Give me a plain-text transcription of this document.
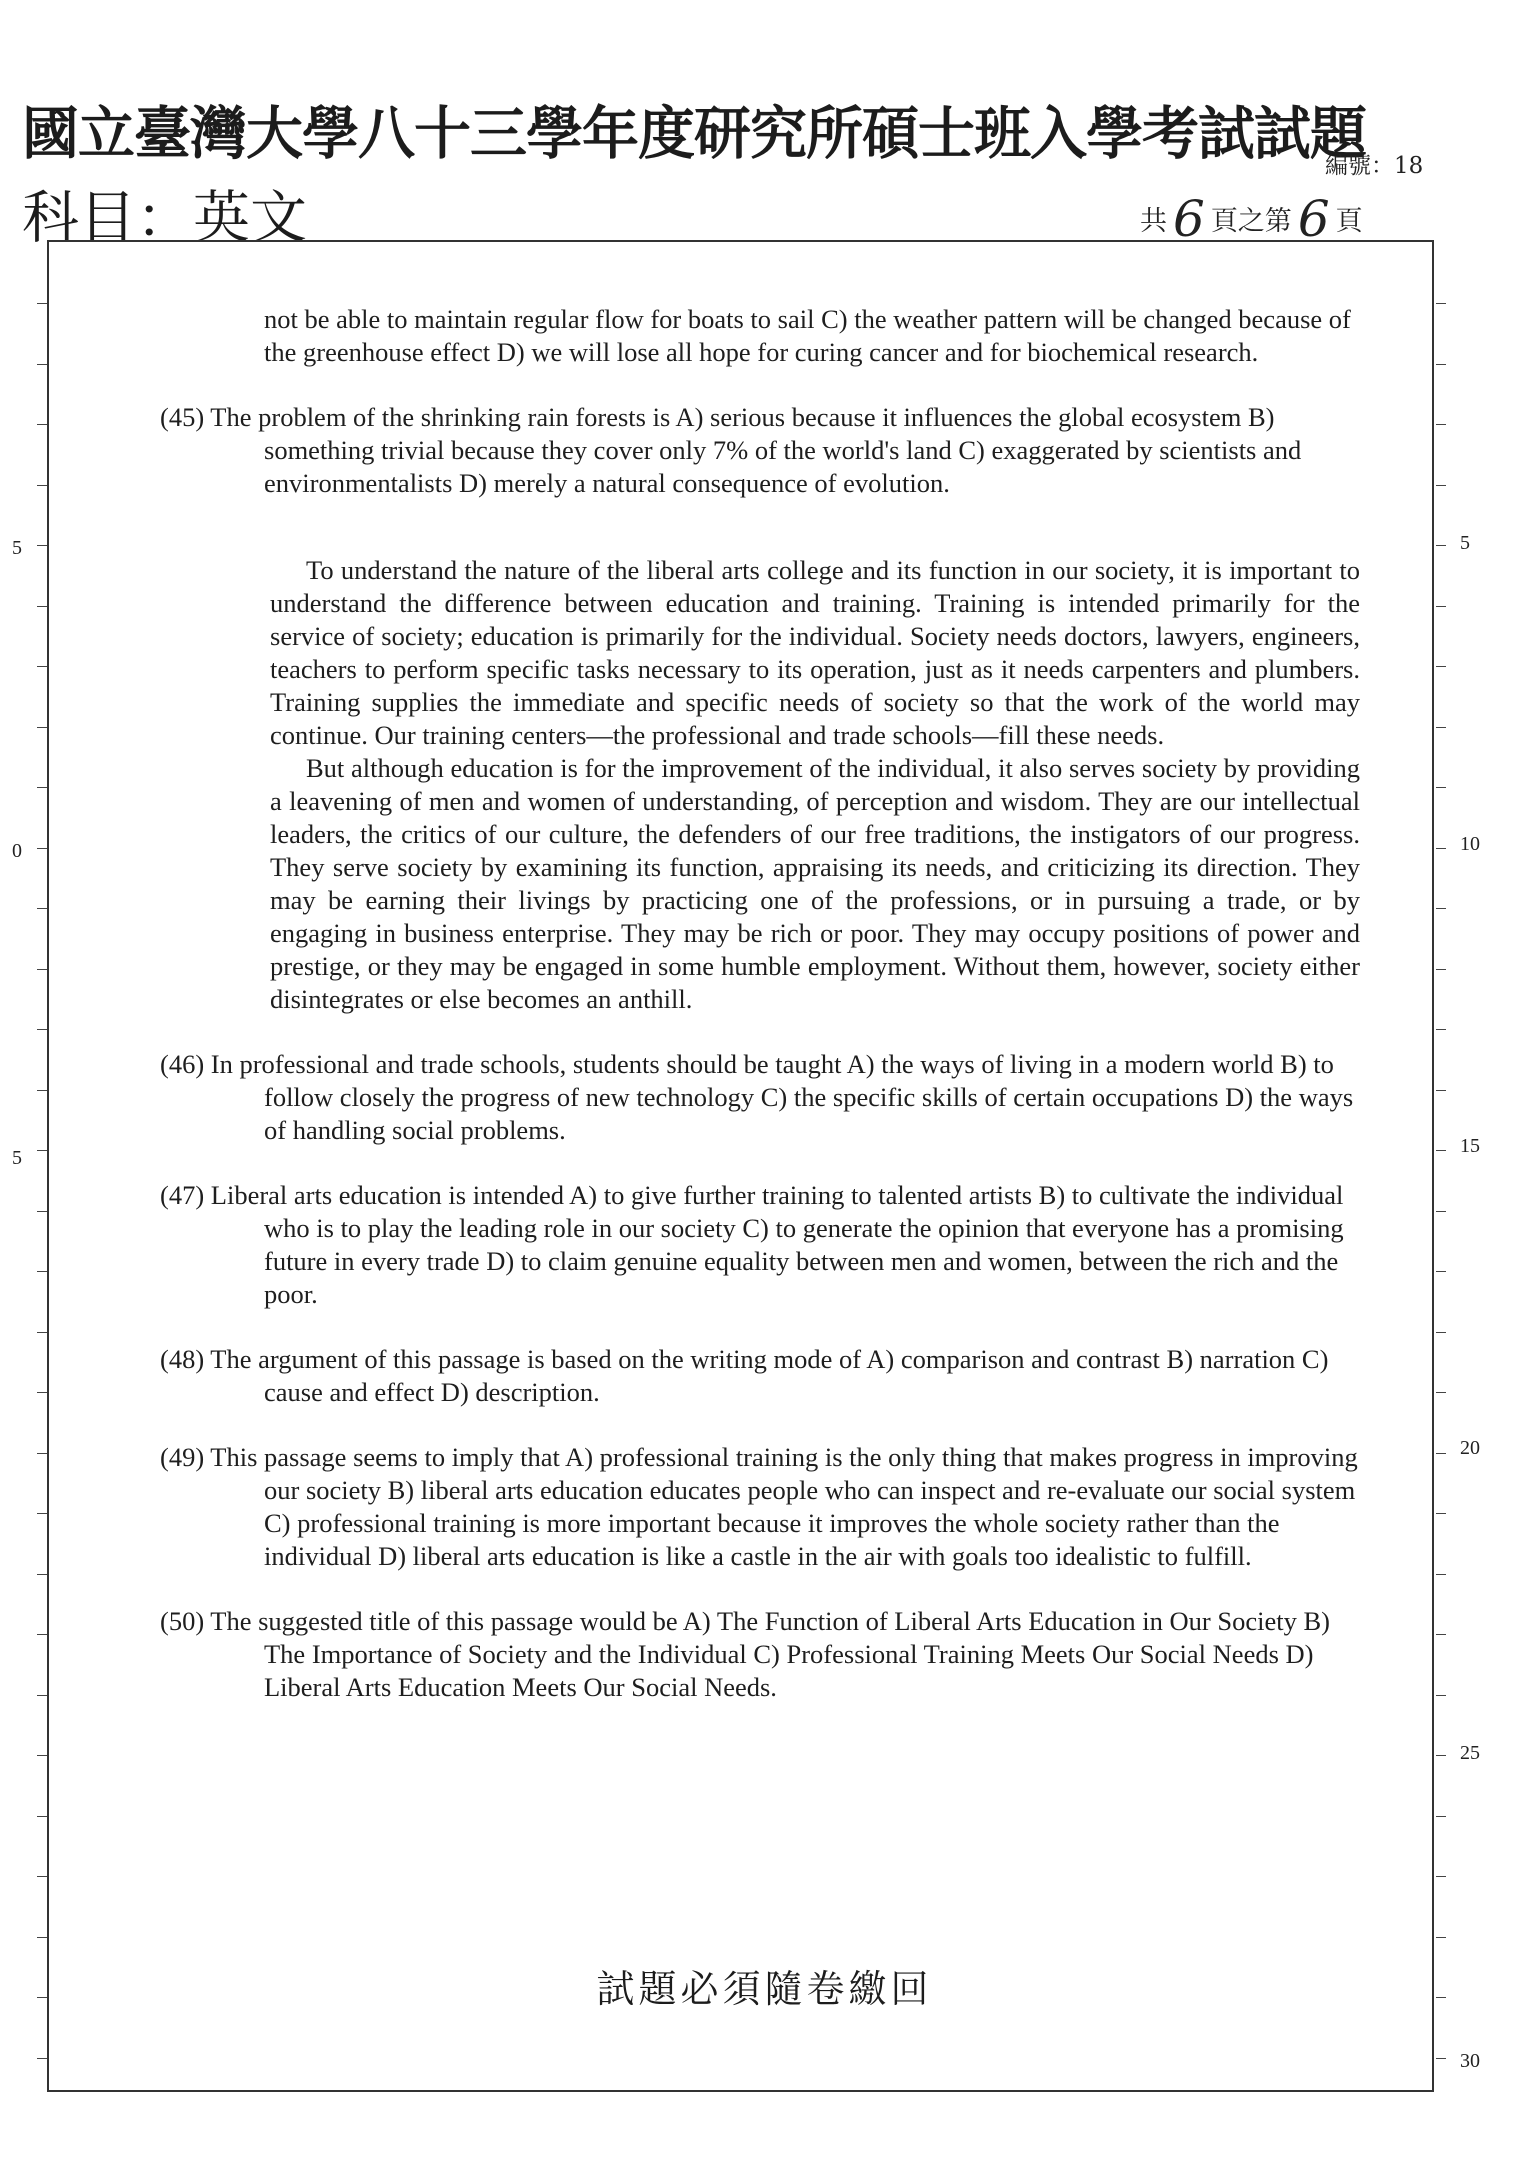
國立臺灣大學八十三學年度研究所碩士班入學考試試題
科目：英文
編號：18
共 6 頁之第 6 頁
5
0
5
5
10
15
20
25
30
not be able to maintain regular flow for boats to sail C) the weather pattern will be changed because of the greenhouse effect D) we will lose all hope for curing cancer and for biochemical research.
(45) The problem of the shrinking rain forests is A) serious because it influences the global ecosystem B) something trivial because they cover only 7% of the world's land C) exaggerated by scientists and environmentalists D) merely a natural consequence of evolution.

To understand the nature of the liberal arts college and its function in our society, it is important to understand the difference between education and training. Training is intended primarily for the service of society; education is primarily for the individual. Society needs doctors, lawyers, engineers, teachers to perform specific tasks necessary to its operation, just as it needs carpenters and plumbers. Training supplies the immediate and specific needs of society so that the work of the world may continue. Our training centers—the professional and trade schools—fill these needs.

But although education is for the improvement of the individual, it also serves society by providing a leavening of men and women of understanding, of perception and wisdom. They are our intellectual leaders, the critics of our culture, the defenders of our free traditions, the instigators of our progress. They serve society by examining its function, appraising its needs, and criticizing its direction. They may be earning their livings by practicing one of the professions, or in pursuing a trade, or by engaging in business enterprise. They may be rich or poor. They may occupy positions of power and prestige, or they may be engaged in some humble employment. Without them, however, society either disintegrates or else becomes an anthill.

(46) In professional and trade schools, students should be taught A) the ways of living in a modern world B) to follow closely the progress of new technology C) the specific skills of certain occupations D) the ways of handling social problems.
(47) Liberal arts education is intended A) to give further training to talented artists B) to cultivate the individual who is to play the leading role in our society C) to generate the opinion that everyone has a promising future in every trade D) to claim genuine equality between men and women, between the rich and the poor.
(48) The argument of this passage is based on the writing mode of A) comparison and contrast B) narration C) cause and effect D) description.
(49) This passage seems to imply that A) professional training is the only thing that makes progress in improving our society B) liberal arts education educates people who can inspect and re-evaluate our social system C) professional training is more important because it improves the whole society rather than the individual D) liberal arts education is like a castle in the air with goals too idealistic to fulfill.
(50) The suggested title of this passage would be A) The Function of Liberal Arts Education in Our Society B) The Importance of Society and the Individual C) Professional Training Meets Our Social Needs D) Liberal Arts Education Meets Our Social Needs.
試題必須隨卷繳回
